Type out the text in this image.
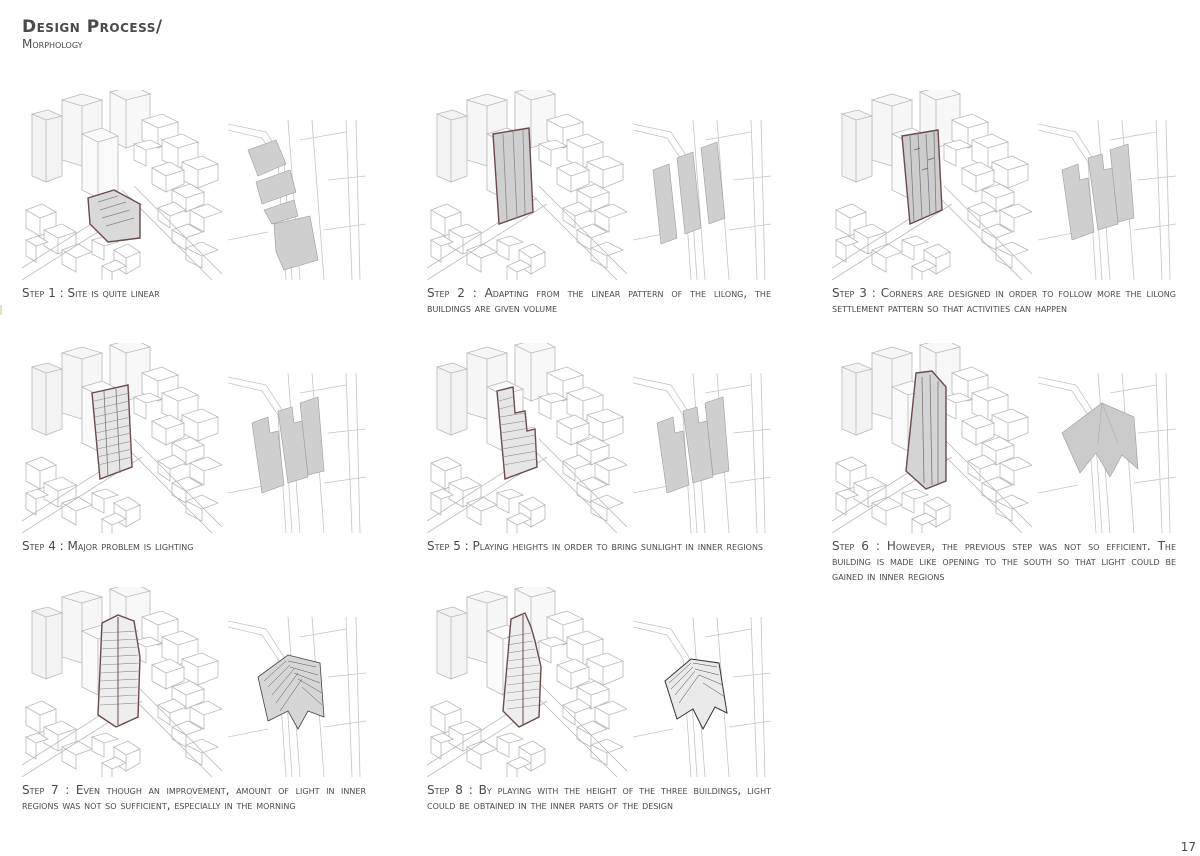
Design Process/
Morphology
Step 1 : Site is quite linear	Step 2 : Adapting from the linear pattern of the lilong, the buildings are given volume
Step 3 : Corners are designed in order to follow more the lilong settlement pattern so that activities can happen
Step 4 : Major problem is lighting	Step 5 : Playing heights in order to bring sunlight in inner regions	Step 6 : However, the previous step was not so efficient. The building is made like opening to the south so that light could be gained in inner regions
Step 7 : Even though an improvement, amount of light in inner regions was not so sufficient, especially in the morning
Step 8 : By playing with the height of the three buildings, light could be obtained in the inner parts of the design
17
